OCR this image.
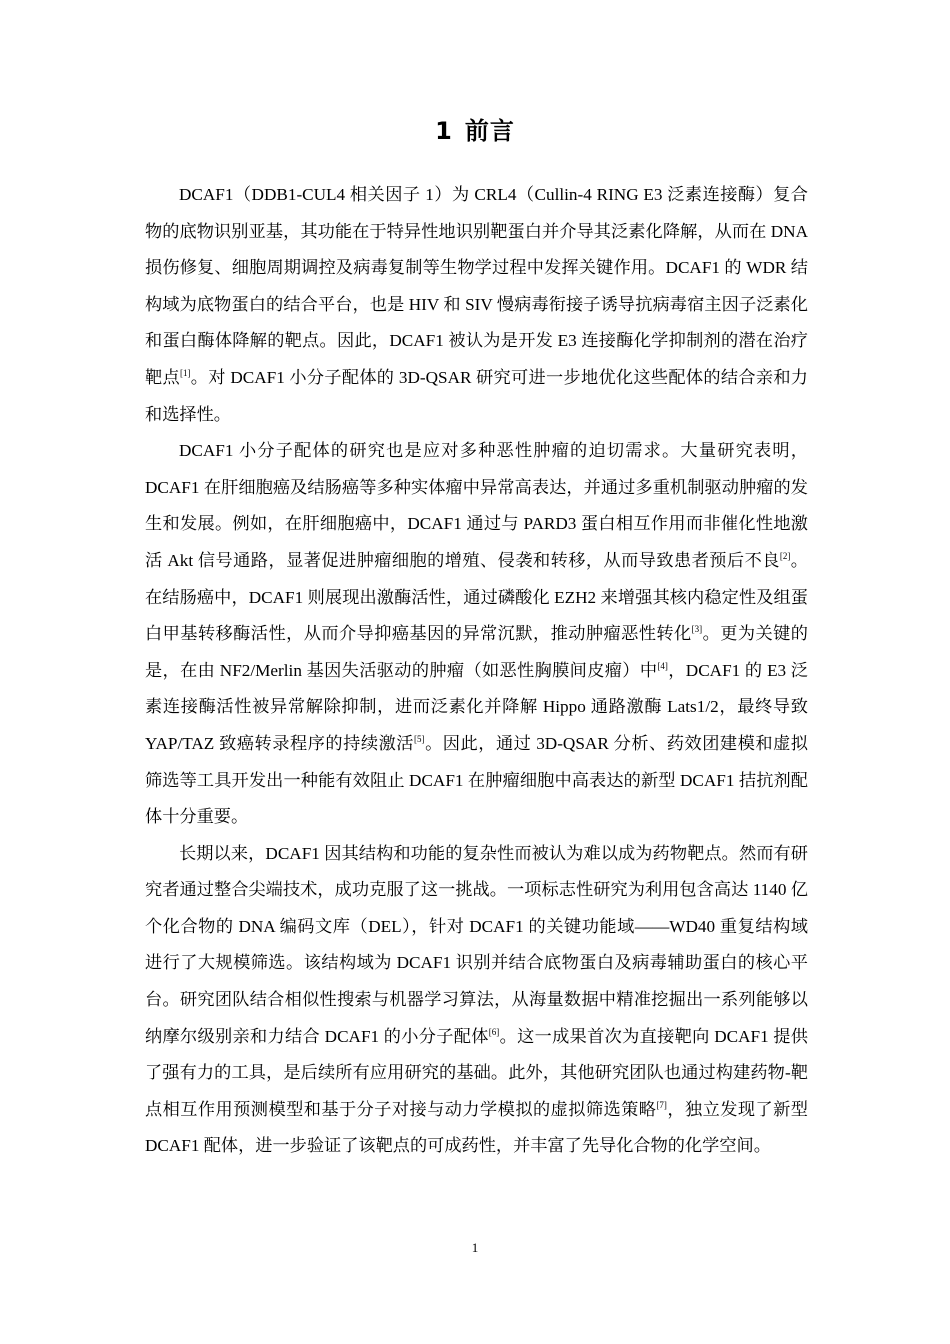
1 前言

DCAF1（DDB1-CUL4 相关因子 1）为 CRL4（Cullin-4 RING E3 泛素连接酶）复合物的底物识别亚基，其功能在于特异性地识别靶蛋白并介导其泛素化降解，从而在 DNA 损伤修复、细胞周期调控及病毒复制等生物学过程中发挥关键作用。DCAF1 的 WDR 结构域为底物蛋白的结合平台，也是 HIV 和 SIV 慢病毒衔接子诱导抗病毒宿主因子泛素化和蛋白酶体降解的靶点。因此，DCAF1 被认为是开发 E3 连接酶化学抑制剂的潜在治疗靶点[1]。对 DCAF1 小分子配体的 3D-QSAR 研究可进一步地优化这些配体的结合亲和力和选择性。

DCAF1 小分子配体的研究也是应对多种恶性肿瘤的迫切需求。大量研究表明，DCAF1 在肝细胞癌及结肠癌等多种实体瘤中异常高表达，并通过多重机制驱动肿瘤的发生和发展。例如，在肝细胞癌中，DCAF1 通过与 PARD3 蛋白相互作用而非催化性地激活 Akt 信号通路，显著促进肿瘤细胞的增殖、侵袭和转移，从而导致患者预后不良[2]。在结肠癌中，DCAF1 则展现出激酶活性，通过磷酸化 EZH2 来增强其核内稳定性及组蛋白甲基转移酶活性，从而介导抑癌基因的异常沉默，推动肿瘤恶性转化[3]。更为关键的是，在由 NF2/Merlin 基因失活驱动的肿瘤（如恶性胸膜间皮瘤）中[4]，DCAF1 的 E3 泛素连接酶活性被异常解除抑制，进而泛素化并降解 Hippo 通路激酶 Lats1/2，最终导致 YAP/TAZ 致癌转录程序的持续激活[5]。因此，通过 3D-QSAR 分析、药效团建模和虚拟筛选等工具开发出一种能有效阻止 DCAF1 在肿瘤细胞中高表达的新型 DCAF1 拮抗剂配体十分重要。

长期以来，DCAF1 因其结构和功能的复杂性而被认为难以成为药物靶点。然而有研究者通过整合尖端技术，成功克服了这一挑战。一项标志性研究为利用包含高达 1140 亿个化合物的 DNA 编码文库（DEL），针对 DCAF1 的关键功能域——WD40 重复结构域进行了大规模筛选。该结构域为 DCAF1 识别并结合底物蛋白及病毒辅助蛋白的核心平台。研究团队结合相似性搜索与机器学习算法，从海量数据中精准挖掘出一系列能够以纳摩尔级别亲和力结合 DCAF1 的小分子配体[6]。这一成果首次为直接靶向 DCAF1 提供了强有力的工具，是后续所有应用研究的基础。此外，其他研究团队也通过构建药物-靶点相互作用预测模型和基于分子对接与动力学模拟的虚拟筛选策略[7]，独立发现了新型 DCAF1 配体，进一步验证了该靶点的可成药性，并丰富了先导化合物的化学空间。

1
